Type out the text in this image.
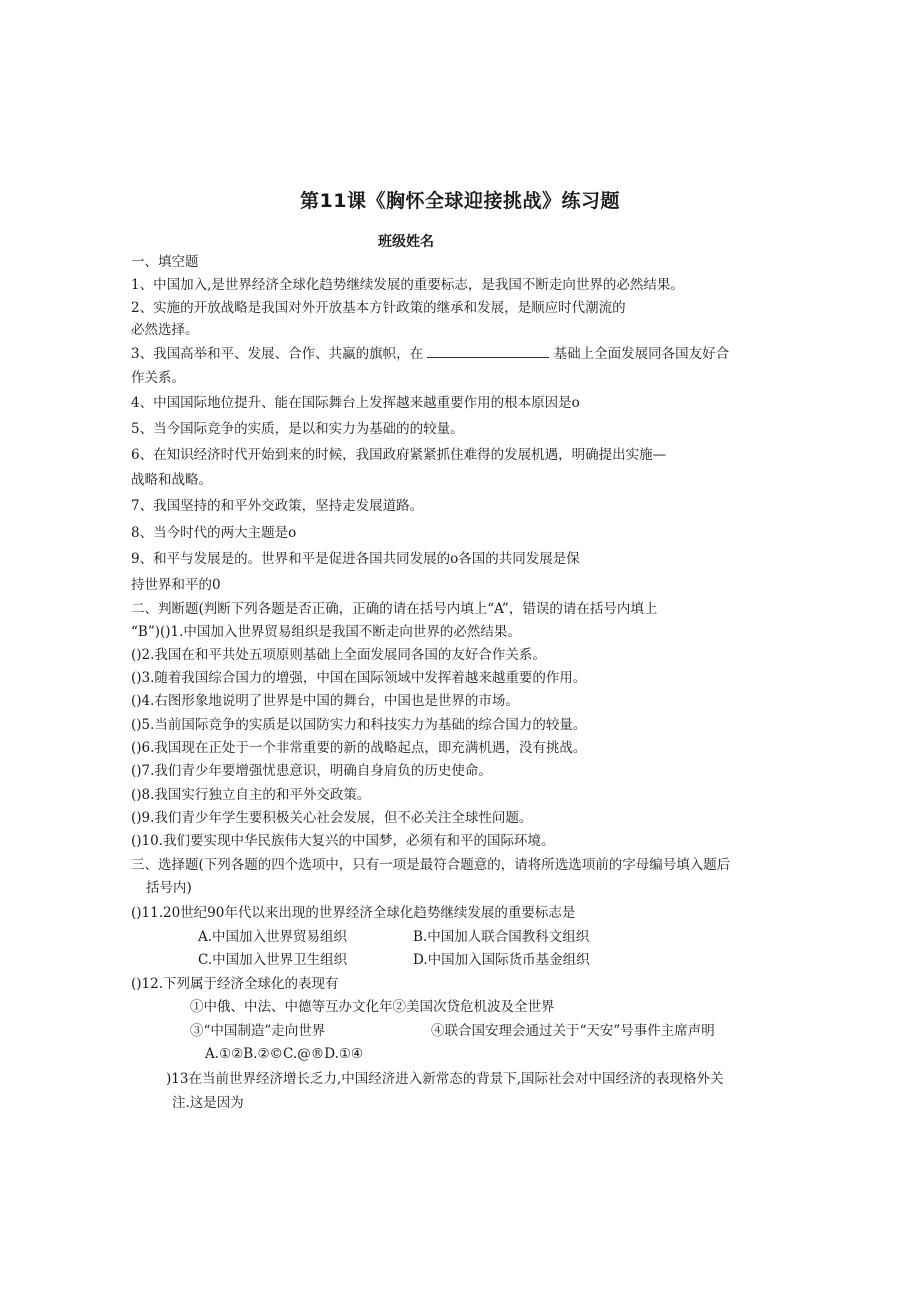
第11课《胸怀全球迎接挑战》练习题
班级姓名
一、填空题
1、中国加入,是世界经济全球化趋势继续发展的重要标志，是我国不断走向世界的必然结果。
2、实施的开放战略是我国对外开放基本方针政策的继承和发展，是顺应时代潮流的
必然选择。
3、我国高举和平、发展、合作、共赢的旗帜，在	基础上全面发展同各国友好合
作关系。
4、中国国际地位提升、能在国际舞台上发挥越来越重要作用的根本原因是o
5、当今国际竞争的实质，是以和实力为基础的的较量。
6、在知识经济时代开始到来的时候，我国政府紧紧抓住难得的发展机遇，明确提出实施—
战略和战略。
7、我国坚持的和平外交政策，坚持走发展道路。
8、当今时代的两大主题是o
9、和平与发展是的。世界和平是促进各国共同发展的o各国的共同发展是保
持世界和平的0
二、判断题(判断下列各题是否正确，正确的请在括号内填上“A”，错误的请在括号内填上
“B”)()1.中国加入世界贸易组织是我国不断走向世界的必然结果。
()2.我国在和平共处五项原则基础上全面发展同各国的友好合作关系。
()3.随着我国综合国力的增强，中国在国际领域中发挥着越来越重要的作用。
()4.右图形象地说明了世界是中国的舞台，中国也是世界的市场。
()5.当前国际竞争的实质是以国防实力和科技实力为基础的综合国力的较量。
()6.我国现在正处于一个非常重要的新的战略起点，即充满机遇，没有挑战。
()7.我们青少年要增强忧患意识，明确自身肩负的历史使命。
()8.我国实行独立自主的和平外交政策。
()9.我们青少年学生要积极关心社会发展，但不必关注全球性问题。
()10.我们要实现中华民族伟大复兴的中国梦，必须有和平的国际环境。
三、选择题(下列各题的四个选项中，只有一项是最符合题意的，请将所选选项前的字母编号填入题后
括号内)
()11.20世纪90年代以来出现的世界经济全球化趋势继续发展的重要标志是
A.中国加入世界贸易组织	B.中国加人联合国教科文组织
C.中国加入世界卫生组织	D.中国加入国际货币基金组织
()12.下列属于经济全球化的表现有
①中俄、中法、中德等互办文化年②美国次贷危机波及全世界
③“中国制造”走向世界	④联合国安理会通过关于“天安”号事件主席声明
A.①②B.②©C.@®D.①④
)13在当前世界经济增长乏力,中国经济进入新常态的背景下,国际社会对中国经济的表现格外关
注.这是因为
